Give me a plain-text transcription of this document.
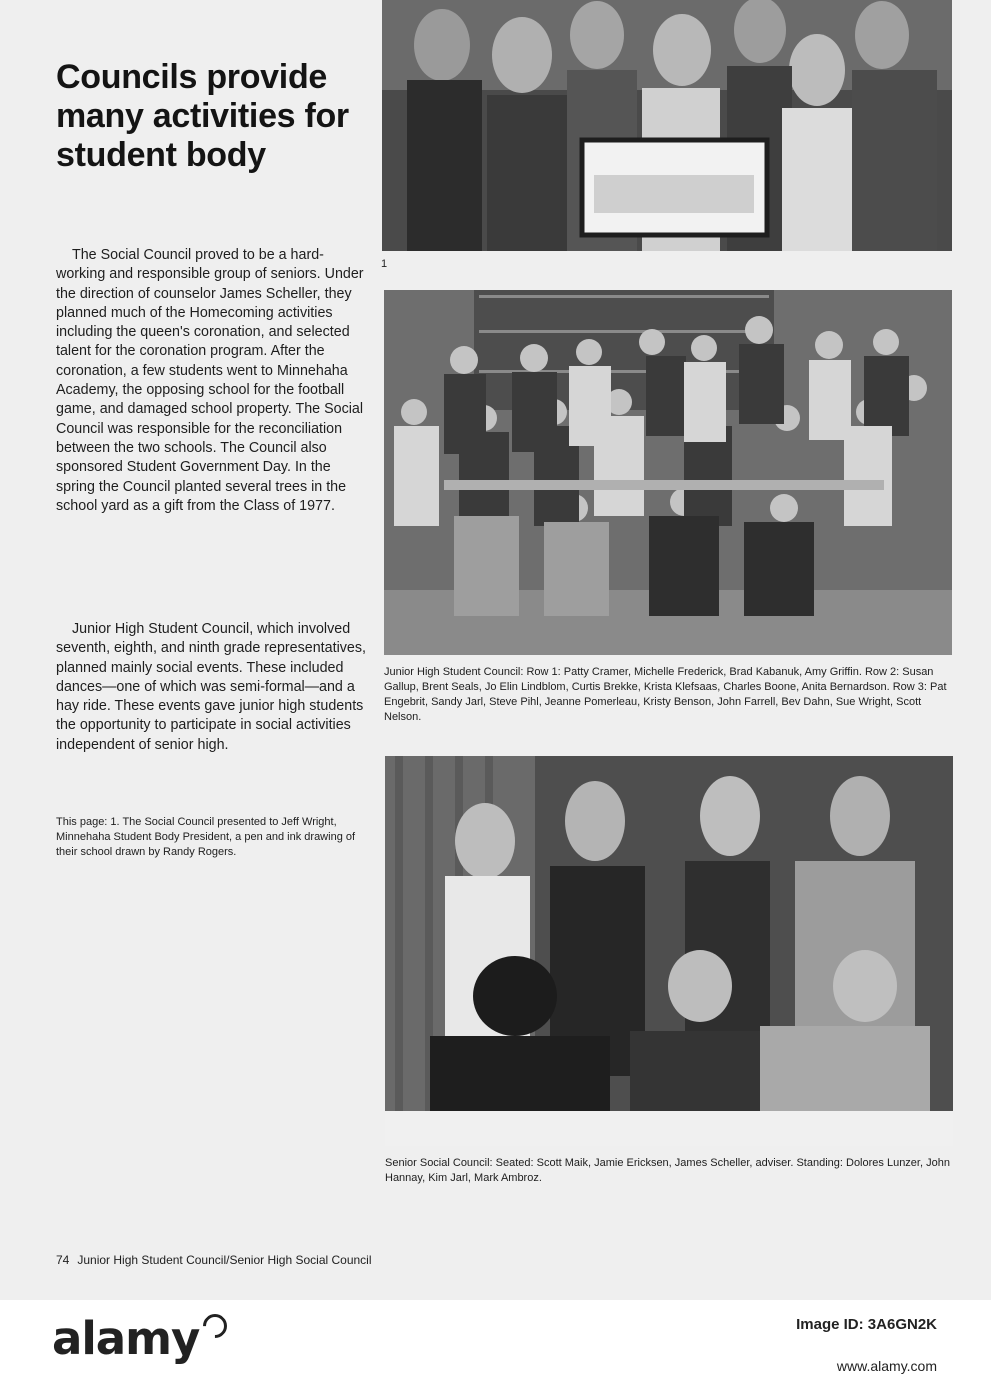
Councils provide many activities for student body

The Social Council proved to be a hard-working and responsible group of seniors. Under the direction of counselor James Scheller, they planned much of the Homecoming activities including the queen's coronation, and selected talent for the coronation program. After the coronation, a few students went to Minnehaha Academy, the opposing school for the football game, and damaged school property. The Social Council was responsible for the reconciliation between the two schools. The Council also sponsored Student Government Day. In the spring the Council planted several trees in the school yard as a gift from the Class of 1977.

Junior High Student Council, which involved seventh, eighth, and ninth grade representatives, planned mainly social events. These included dances—one of which was semi-formal—and a hay ride. These events gave junior high students the opportunity to participate in social activities independent of senior high.

This page: 1. The Social Council presented to Jeff Wright, Minnehaha Student Body President, a pen and ink drawing of their school drawn by Randy Rogers.

1

Junior High Student Council: Row 1: Patty Cramer, Michelle Frederick, Brad Kabanuk, Amy Griffin. Row 2: Susan Gallup, Brent Seals, Jo Elin Lindblom, Curtis Brekke, Krista Klefsaas, Charles Boone, Anita Bernardson. Row 3: Pat Engebrit, Sandy Jarl, Steve Pihl, Jeanne Pomerleau, Kristy Benson, John Farrell, Bev Dahn, Sue Wright, Scott Nelson.

Senior Social Council: Seated: Scott Maik, Jamie Ericksen, James Scheller, adviser. Standing: Dolores Lunzer, John Hannay, Kim Jarl, Mark Ambroz.

74 Junior High Student Council/Senior High Social Council
alamy	Image ID: 3A6GN2K
www.alamy.com
